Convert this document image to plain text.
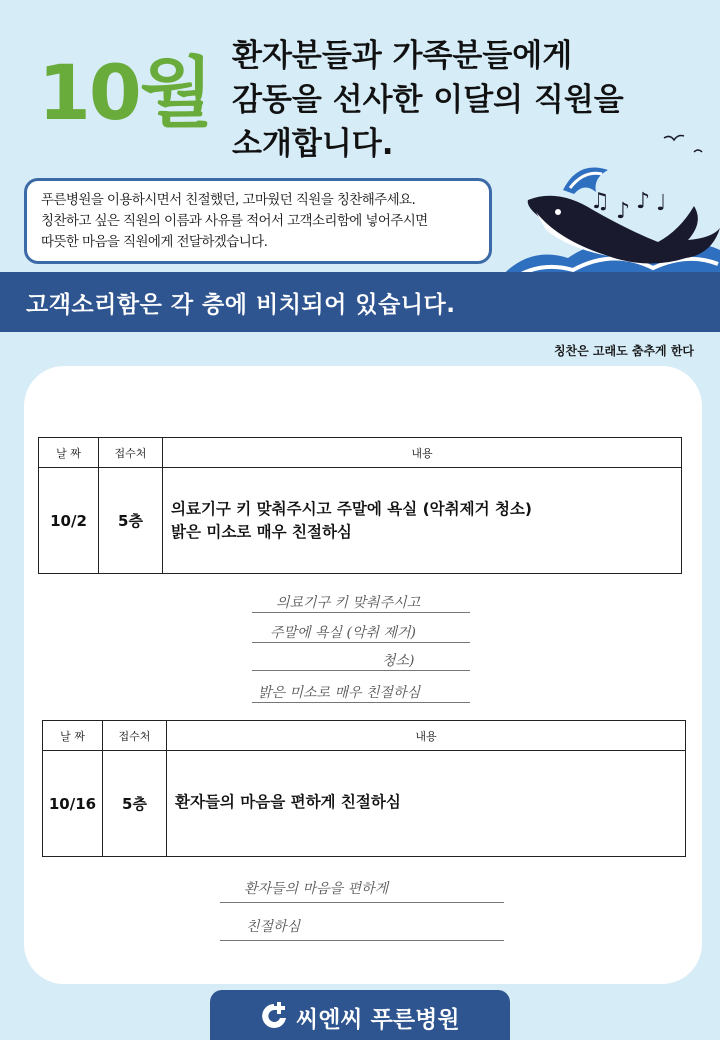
10월 환자분들과 가족분들에게
감동을 선사한 이달의 직원을
소개합니다.
푸른병원을 이용하시면서 친절했던, 고마웠던 직원을 칭찬해주세요.
칭찬하고 싶은 직원의 이름과 사유를 적어서 고객소리함에 넣어주시면
따뜻한 마음을 직원에게 전달하겠습니다.
♫ ♪ ♪ ♩
고객소리함은 각 층에 비치되어 있습니다.
칭찬은 고래도 춤추게 한다
날 짜	접수처	내용
10/2	5층	의료기구 키 맞춰주시고 주말에 욕실 (악취제거 청소)
밝은 미소로 매우 친절하심
의료기구 키 맞춰주시고
주말에 욕실 (악취 제거)
청소)
밝은 미소로 매우 친절하심
날 짜	접수처	내용
10/16	5층	환자들의 마음을 편하게 친절하심
환자들의 마음을 편하게
친절하심
씨엔씨 푸른병원
